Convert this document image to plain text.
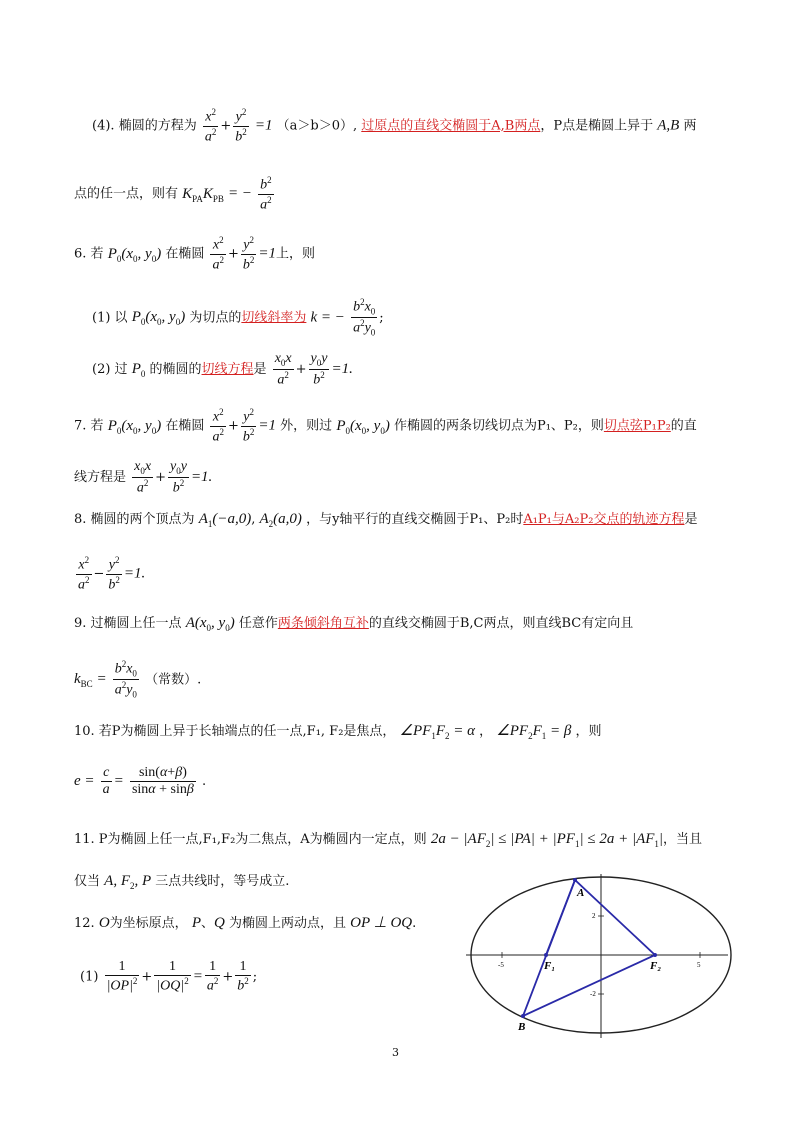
(4). 椭圆的方程为 $\frac{x^2}{a^2} + \frac{y^2}{b^2} =1$ （a＞b＞0）, 过原点的直线交椭圆于A,B两点，P点是椭圆上异于 A,B 两
点的任一点，则有 $K_{PA}K_{PB}$ = − $\frac{b^2}{a^2}$
6. 若 $P_0(x_0$, $y_0$) 在椭圆 $\frac{x^2}{a^2} + \frac{y^2}{b^2} =1$上，则
(1) 以 $P_0(x_0$, $y_0$) 为切点的切线斜率为 k = − $\frac{b^2x_0}{a^2y_0}$ ;
(2) 过 $P_0$ 的椭圆的切线方程是 $\frac{x_0x}{a^2} + \frac{y_0y}{b^2} =1$.
7. 若 $P_0(x_0$, $y_0$) 在椭圆 $\frac{x^2}{a^2} + \frac{y^2}{b^2} =1$ 外，则过 $P_0(x_0$, $y_0$) 作椭圆的两条切线切点为P₁、P₂，则切点弦P₁P₂的直
线方程是 $\frac{x_0x}{a^2} + \frac{y_0y}{b^2} =1$.
8. 椭圆的两个顶点为 $A_1(-a,0)$, $A_2(a,0)$ ，与y轴平行的直线交椭圆于P₁、P₂时A₁P₁与A₂P₂交点的轨迹方程是
$\frac{x^2}{a^2} - \frac{y^2}{b^2} =1$.
9. 过椭圆上任一点 $A(x_0$, $y_0$) 任意作两条倾斜角互补的直线交椭圆于B,C两点，则直线BC有定向且
$k_{BC} = \frac{b^2x_0}{a^2y_0}$ （常数）.
10. 若P为椭圆上异于长轴端点的任一点,F₁, F₂是焦点， $\angle PF_1F_2 = \alpha$ ， $\angle PF_2F_1 = \beta$ ，则
$e = \frac{c}{a} = \frac{\sin(\alpha+\beta)}{\sin\alpha + \sin\beta}$ .
11. P为椭圆上任一点,F₁,F₂为二焦点，A为椭圆内一定点，则 $2a - |AF_2| \le |PA| + |PF_1| \le 2a + |AF_1|$，当且
仅当 A, $F_2$, P 三点共线时，等号成立.
12. O为坐标原点， P、Q 为椭圆上两动点，且 OP ⊥ OQ.
$(1) \frac{1}{|OP|^2} + \frac{1}{|OQ|^2} = \frac{1}{a^2} + \frac{1}{b^2}$ ;
-5	5
2
-2
A
B
F₁	F₂
3
